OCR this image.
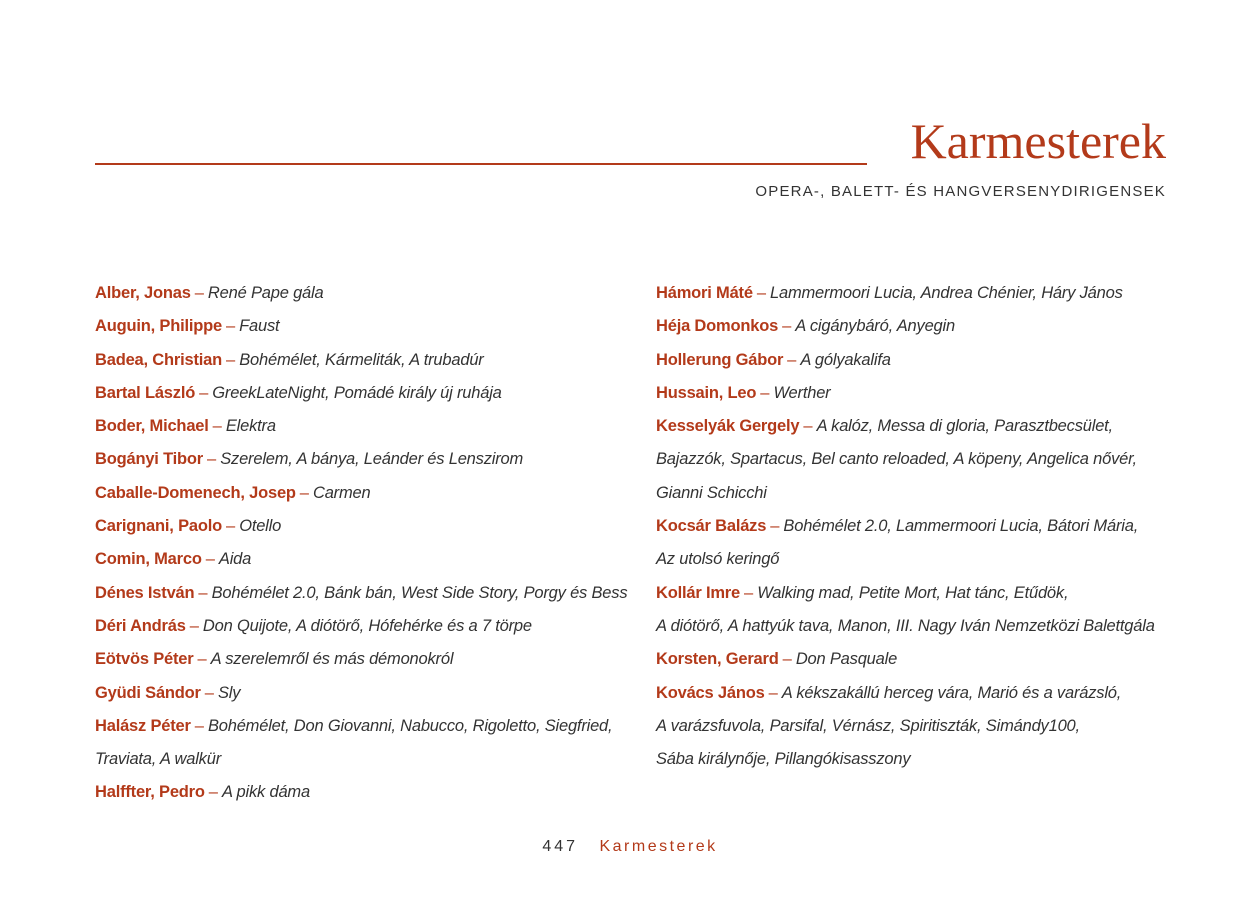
Karmesterek
OPERA-, BALETT- ÉS HANGVERSENYDIRIGENSEK
Alber, Jonas – René Pape gála
Auguin, Philippe – Faust
Badea, Christian – Bohémélet, Kármeliták, A trubadúr
Bartal László – GreekLateNight, Pomádé király új ruhája
Boder, Michael – Elektra
Bogányi Tibor – Szerelem, A bánya, Leánder és Lenszirom
Caballe-Domenech, Josep – Carmen
Carignani, Paolo – Otello
Comin, Marco – Aida
Dénes István – Bohémélet 2.0, Bánk bán, West Side Story, Porgy és Bess
Déri András – Don Quijote, A diótörő, Hófehérke és a 7 törpe
Eötvös Péter – A szerelemről és más démonokról
Gyüdi Sándor – Sly
Halász Péter – Bohémélet, Don Giovanni, Nabucco, Rigoletto, Siegfried,
Traviata, A walkür
Halffter, Pedro – A pikk dáma
Hámori Máté – Lammermoori Lucia, Andrea Chénier, Háry János
Héja Domonkos – A cigánybáró, Anyegin
Hollerung Gábor – A gólyakalifa
Hussain, Leo – Werther
Kesselyák Gergely – A kalóz, Messa di gloria, Parasztbecsület,
Bajazzók, Spartacus, Bel canto reloaded, A köpeny, Angelica nővér,
Gianni Schicchi
Kocsár Balázs – Bohémélet 2.0, Lammermoori Lucia, Bátori Mária,
Az utolsó keringő
Kollár Imre – Walking mad, Petite Mort, Hat tánc, Etűdök,
A diótörő, A hattyúk tava, Manon, III. Nagy Iván Nemzetközi Balettgála
Korsten, Gerard – Don Pasquale
Kovács János – A kékszakállú herceg vára, Marió és a varázsló,
A varázsfuvola, Parsifal, Vérnász, Spiritiszták, Simándy100,
Sába királynője, Pillangókisasszony
447 Karmesterek
